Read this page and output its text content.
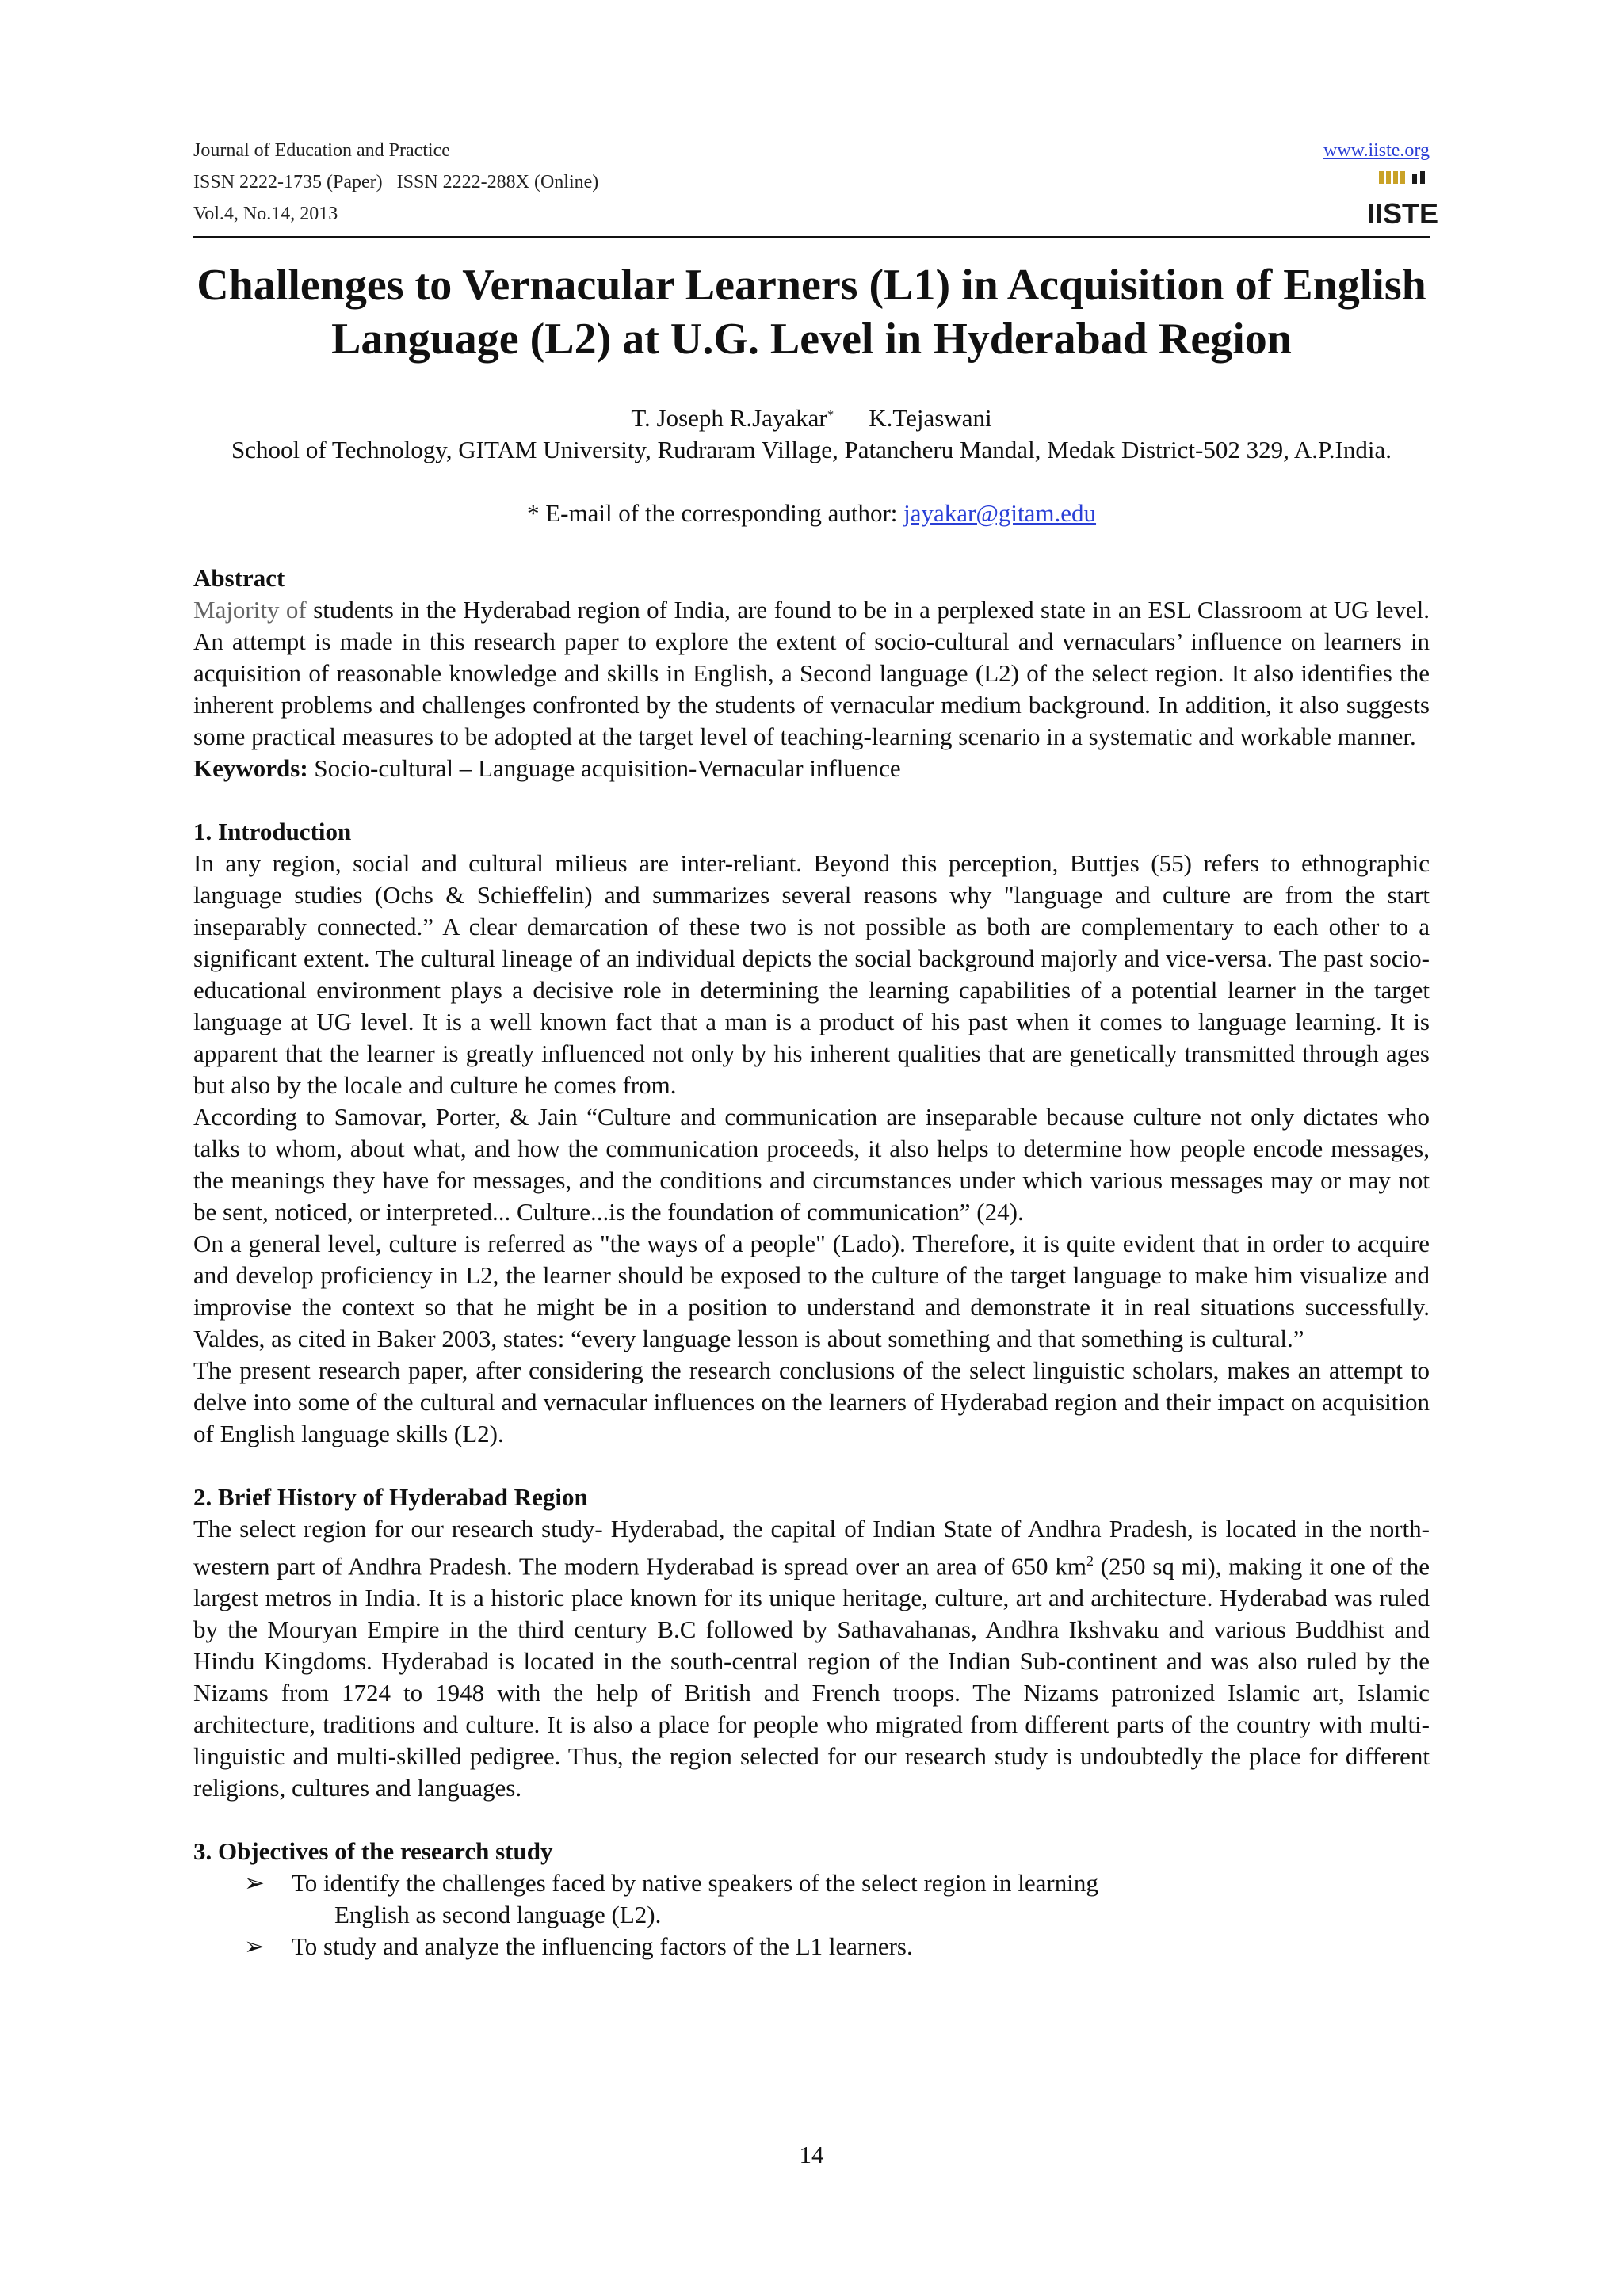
Journal of Education and Practice
ISSN 2222-1735 (Paper)   ISSN 2222-288X (Online)
Vol.4, No.14, 2013
www.iiste.org
IISTE
Challenges to Vernacular Learners (L1) in Acquisition of English Language (L2) at U.G. Level in Hyderabad Region
T. Joseph R.Jayakar* K.Tejaswani
School of Technology, GITAM University, Rudraram Village, Patancheru Mandal, Medak District-502 329, A.P.India.
* E-mail of the corresponding author: jayakar@gitam.edu

Abstract

Majority of students in the Hyderabad region of India, are found to be in a perplexed state in an ESL Classroom at UG level. An attempt is made in this research paper to explore the extent of socio-cultural and vernaculars’ influence on learners in acquisition of reasonable knowledge and skills in English, a Second language (L2) of the select region. It also identifies the inherent problems and challenges confronted by the students of vernacular medium background. In addition, it also suggests some practical measures to be adopted at the target level of teaching-learning scenario in a systematic and workable manner.

Keywords: Socio-cultural – Language acquisition-Vernacular influence

1. Introduction

In any region, social and cultural milieus are inter-reliant. Beyond this perception, Buttjes (55) refers to ethnographic language studies (Ochs & Schieffelin) and summarizes several reasons why "language and culture are from the start inseparably connected.” A clear demarcation of these two is not possible as both are complementary to each other to a significant extent. The cultural lineage of an individual depicts the social background majorly and vice-versa. The past socio-educational environment plays a decisive role in determining the learning capabilities of a potential learner in the target language at UG level. It is a well known fact that a man is a product of his past when it comes to language learning. It is apparent that the learner is greatly influenced not only by his inherent qualities that are genetically transmitted through ages but also by the locale and culture he comes from.

According to Samovar, Porter, & Jain “Culture and communication are inseparable because culture not only dictates who talks to whom, about what, and how the communication proceeds, it also helps to determine how people encode messages, the meanings they have for messages, and the conditions and circumstances under which various messages may or may not be sent, noticed, or interpreted... Culture...is the foundation of communication” (24).

On a general level, culture is referred as "the ways of a people" (Lado). Therefore, it is quite evident that in order to acquire and develop proficiency in L2, the learner should be exposed to the culture of the target language to make him visualize and improvise the context so that he might be in a position to understand and demonstrate it in real situations successfully. Valdes, as cited in Baker 2003, states: “every language lesson is about something and that something is cultural.”

The present research paper, after considering the research conclusions of the select linguistic scholars, makes an attempt to delve into some of the cultural and vernacular influences on the learners of Hyderabad region and their impact on acquisition of English language skills (L2).

2. Brief History of Hyderabad Region

The select region for our research study- Hyderabad, the capital of Indian State of Andhra Pradesh, is located in the north-western part of Andhra Pradesh. The modern Hyderabad is spread over an area of 650 $km^2$ (250 sq mi), making it one of the largest metros in India. It is a historic place known for its unique heritage, culture, art and architecture. Hyderabad was ruled by the Mouryan Empire in the third century B.C followed by Sathavahanas, Andhra Ikshvaku and various Buddhist and Hindu Kingdoms. Hyderabad is located in the south-central region of the Indian Sub-continent and was also ruled by the Nizams from 1724 to 1948 with the help of British and French troops. The Nizams patronized Islamic art, Islamic architecture, traditions and culture. It is also a place for people who migrated from different parts of the country with multi-linguistic and multi-skilled pedigree. Thus, the region selected for our research study is undoubtedly the place for different religions, cultures and languages.

3. Objectives of the research study

➢ To identify the challenges faced by native speakers of the select region in learning
English as second language (L2).
➢ To study and analyze the influencing factors of the L1 learners.
14
